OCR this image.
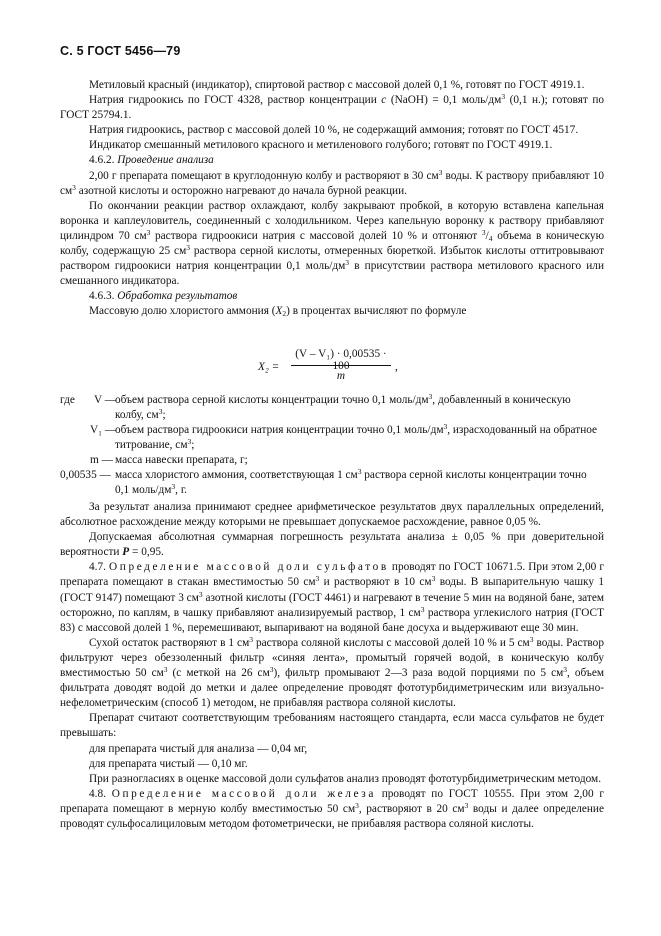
С. 5 ГОСТ 5456—79

Метиловый красный (индикатор), спиртовой раствор с массовой долей 0,1 %, готовят по ГОСТ 4919.1.

Натрия гидроокись по ГОСТ 4328, раствор концентрации c (NaOH) = 0,1 моль/$дм^3$ (0,1 н.); готовят по ГОСТ 25794.1.

Натрия гидроокись, раствор с массовой долей 10 %, не содержащий аммония; готовят по ГОСТ 4517.

Индикатор смешанный метилового красного и метиленового голубого; готовят по ГОСТ 4919.1.

4.6.2. Проведение анализа

2,00 г препарата помещают в круглодонную колбу и растворяют в 30 $см^3$ воды. К раствору прибавляют 10 $см^3$ азотной кислоты и осторожно нагревают до начала бурной реакции.

По окончании реакции раствор охлаждают, колбу закрывают пробкой, в которую вставлена капельная воронка и каплеуловитель, соединенный с холодильником. Через капельную воронку к раствору прибавляют цилиндром 70 $см^3$ раствора гидроокиси натрия с массовой долей 10 % и отгоняют $^3/_4$ объема в коническую колбу, содержащую 25 $см^3$ раствора серной кислоты, отмеренных бюреткой. Избыток кислоты оттитровывают раствором гидроокиси натрия концентрации 0,1 моль/$дм^3$ в присутствии раствора метилового красного или смешанного индикатора.

4.6.3. Обработка результатов

Массовую долю хлористого аммония $(X_2)$ в процентах вычисляют по формуле

X₂ =
(V – V₁) · 0,00535 · 100
m
,
где	V —
объем раствора серной кислоты концентрации точно 0,1 моль/$дм^3$, добавленный в коническую колбу, $см^3$;
V₁ —
объем раствора гидроокиси натрия концентрации точно 0,1 моль/$дм^3$, израсходованный на обратное титрование, $см^3$;
m — масса навески препарата, г;
0,00535 — масса хлористого аммония, соответствующая 1 $см^3$ раствора серной кислоты концентрации точно 0,1 моль/$дм^3$, г.

За результат анализа принимают среднее арифметическое результатов двух параллельных определений, абсолютное расхождение между которыми не превышает допускаемое расхождение, равное 0,05 %.

Допускаемая абсолютная суммарная погрешность результата анализа ± 0,05 % при доверительной вероятности P = 0,95.

4.7. Определение массовой доли сульфатов проводят по ГОСТ 10671.5. При этом 2,00 г препарата помещают в стакан вместимостью 50 $см^3$ и растворяют в 10 $см^3$ воды. В выпарительную чашку 1 (ГОСТ 9147) помещают 3 $см^3$ азотной кислоты (ГОСТ 4461) и нагревают в течение 5 мин на водяной бане, затем осторожно, по каплям, в чашку прибавляют анализируемый раствор, 1 $см^3$ раствора углекислого натрия (ГОСТ 83) с массовой долей 1 %, перемешивают, выпаривают на водяной бане досуха и выдерживают еще 30 мин.

Сухой остаток растворяют в 1 $см^3$ раствора соляной кислоты с массовой долей 10 % и 5 $см^3$ воды. Раствор фильтруют через обеззоленный фильтр «синяя лента», промытый горячей водой, в коническую колбу вместимостью 50 $см^3$ (с меткой на 26 $см^3$), фильтр промывают 2—3 раза водой порциями по 5 $см^3$, объем фильтрата доводят водой до метки и далее определение проводят фототурбидиметрическим или визуально-нефелометрическим (способ 1) методом, не прибавляя раствора соляной кислоты.

Препарат считают соответствующим требованиям настоящего стандарта, если масса сульфатов не будет превышать:

для препарата чистый для анализа — 0,04 мг,

для препарата чистый — 0,10 мг.

При разногласиях в оценке массовой доли сульфатов анализ проводят фототурбидиметрическим методом.

4.8. Определение массовой доли железа проводят по ГОСТ 10555. При этом 2,00 г препарата помещают в мерную колбу вместимостью 50 $см^3$, растворяют в 20 $см^3$ воды и далее определение проводят сульфосалициловым методом фотометрически, не прибавляя раствора соляной кислоты.
